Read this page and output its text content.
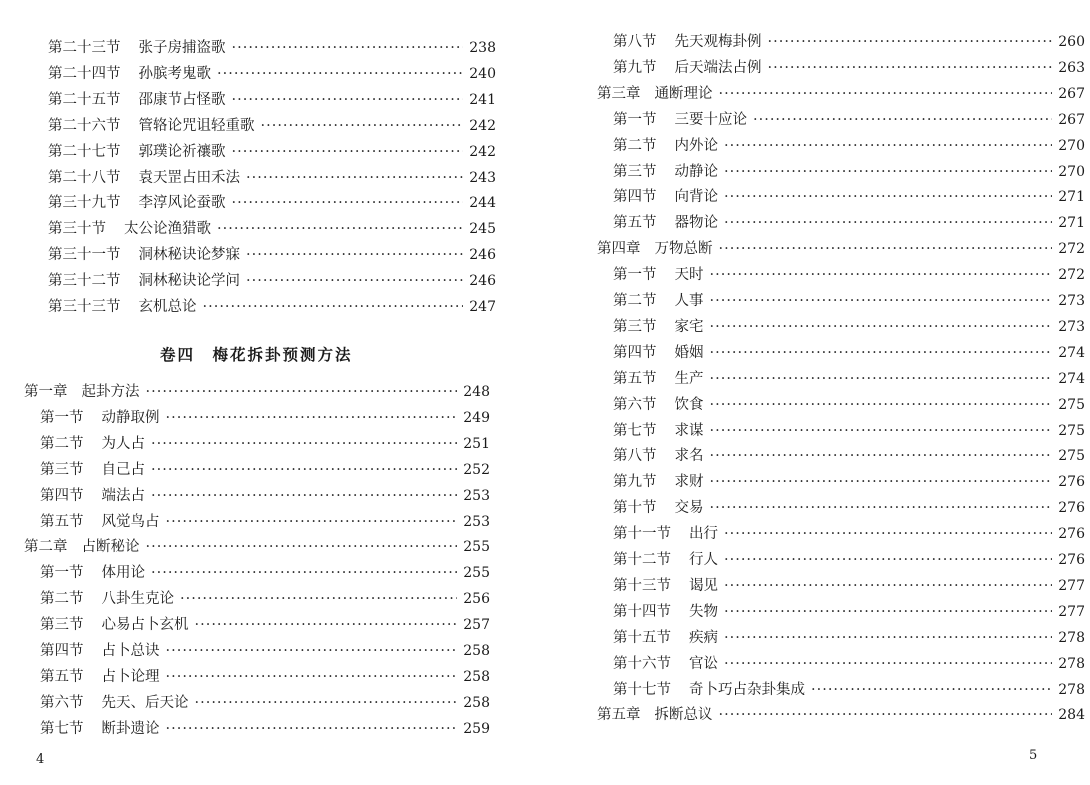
第二十三节 张子房捕盗歌 ·····	238
第二十四节 孙膑考鬼歌 ·····	240
第二十五节 邵康节占怪歌 ·····	241
第二十六节 管辂论咒诅轻重歌 ·····	242
第二十七节 郭璞论祈禳歌 ·····	242
第二十八节 袁天罡占田禾法 ·····	243
第三十九节 李淳风论蚕歌 ·····	244
第三十节 太公论渔猎歌 ·····	245
第三十一节 洞林秘诀论梦寐 ·····	246
第三十二节 洞林秘诀论学问 ·····	246
第三十三节 玄机总论 ·····	247
卷四　梅花拆卦预测方法
第一章 起卦方法 ·····	248
第一节 动静取例 ·····	249
第二节 为人占 ·····	251
第三节 自己占 ·····	252
第四节 端法占 ·····	253
第五节 风觉鸟占 ·····	253
第二章 占断秘论 ·····	255
第一节 体用论 ·····	255
第二节 八卦生克论 ·····	256
第三节 心易占卜玄机 ·····	257
第四节 占卜总诀 ·····	258
第五节 占卜论理 ·····	258
第六节 先天、后天论 ·····	258
第七节 断卦遗论 ·····	259
4
第八节 先天观梅卦例 ·····	260
第九节 后天端法占例 ·····	263
第三章 通断理论 ·····	267
第一节 三要十应论 ·····	267
第二节 内外论 ·····	270
第三节 动静论 ·····	270
第四节 向背论 ·····	271
第五节 器物论 ·····	271
第四章 万物总断 ·····	272
第一节 天时 ·····	272
第二节 人事 ·····	273
第三节 家宅 ·····	273
第四节 婚姻 ·····	274
第五节 生产 ·····	274
第六节 饮食 ·····	275
第七节 求谋 ·····	275
第八节 求名 ·····	275
第九节 求财 ·····	276
第十节 交易 ·····	276
第十一节 出行 ·····	276
第十二节 行人 ·····	276
第十三节 谒见 ·····	277
第十四节 失物 ·····	277
第十五节 疾病 ·····	278
第十六节 官讼 ·····	278
第十七节 奇卜巧占杂卦集成 ·····	278
第五章 拆断总议 ·····	284
5
